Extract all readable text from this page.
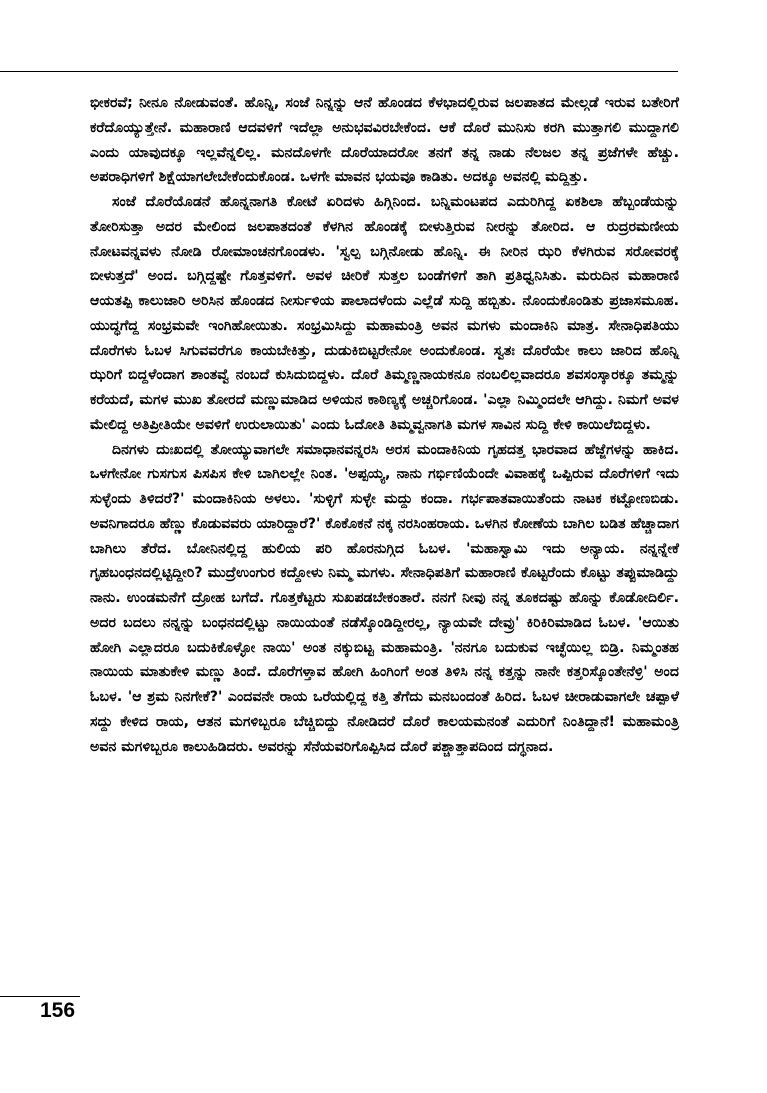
ಭೀಕರವೆ; ನೀನೂ ನೋಡುವಂತೆ. ಹೊನ್ನಿ, ಸಂಜೆ ನಿನ್ನನ್ನು ಆನೆ ಹೊಂಡದ ಕೆಳಭಾದಲ್ಲಿರುವ ಜಲಪಾತದ ಮೇಲ್ಗಡೆ ಇರುವ ಬತೇರಿಗೆ ಕರೆದೊಯ್ಯುತ್ತೇನೆ. ಮಹಾರಾಣಿ ಆದವಳಿಗೆ ಇದೆಲ್ಲಾ ಅನುಭವವಿರಬೇಕೆಂದ. ಆಕೆ ದೊರೆ ಮುನಿಸು ಕರಗಿ ಮುತ್ತಾಗಲಿ ಮುದ್ದಾಗಲಿ ಎಂದು ಯಾವುದಕ್ಕೂ ಇಲ್ಲವೆನ್ನಲಿಲ್ಲ. ಮನದೊಳಗೇ ದೊರೆಯಾದರೋ ತನಗೆ ತನ್ನ ನಾಡು ನೆಲಜಲ ತನ್ನ ಪ್ರಜೆಗಳೇ ಹೆಚ್ಚು. ಅಪರಾಧಿಗಳಿಗೆ ಶಿಕ್ಷೆಯಾಗಲೇಬೇಕೆಂದುಕೊಂಡ. ಒಳಗೇ ಮಾವನ ಭಯವೂ ಕಾಡಿತು. ಅದಕ್ಕೂ ಅವನಲ್ಲಿ ಮದ್ದಿತ್ತು.

ಸಂಜೆ ದೊರೆಯೊಡನೆ ಹೊನ್ನನಾಗತಿ ಕೋಟೆ ಏರಿದಳು ಹಿಗ್ಗಿನಿಂದ. ಬನ್ನಿಮಂಟಪದ ಎದುರಿಗಿದ್ದ ಏಕಶಿಲಾ ಹೆಬ್ಬಂಡೆಯನ್ನು ತೋರಿಸುತ್ತಾ ಅದರ ಮೇಲಿಂದ ಜಲಪಾತದಂತೆ ಕೆಳಗಿನ ಹೊಂಡಕ್ಕೆ ಬೀಳುತ್ತಿರುವ ನೀರನ್ನು ತೋರಿದ. ಆ ರುದ್ರರಮಣೀಯ ನೋಟವನ್ನವಳು ನೋಡಿ ರೋಮಾಂಚನಗೊಂಡಳು. 'ಸ್ವಲ್ಪ ಬಗ್ಗಿನೋಡು ಹೊನ್ನಿ. ಈ ನೀರಿನ ಝರಿ ಕೆಳಗಿರುವ ಸರೋವರಕ್ಕೆ ಬೀಳುತ್ತದೆ' ಅಂದ. ಬಗ್ಗಿದ್ದಷ್ಟೇ ಗೊತ್ತವಳಿಗೆ. ಅವಳ ಚೀರಿಕೆ ಸುತ್ತಲ ಬಂಡೆಗಳಿಗೆ ತಾಗಿ ಪ್ರತಿಧ್ವನಿಸಿತು. ಮರುದಿನ ಮಹಾರಾಣಿ ಆಯತಪ್ಪಿ ಕಾಲುಜಾರಿ ಅರಿಸಿನ ಹೊಂಡದ ನೀರ್ಸುಳಿಯ ಪಾಲಾದಳೆಂದು ಎಲ್ಲೆಡೆ ಸುದ್ದಿ ಹಬ್ಬಿತು. ನೊಂದುಕೊಂಡಿತು ಪ್ರಜಾಸಮೂಹ. ಯುದ್ಧಗೆದ್ದ ಸಂಭ್ರಮವೇ ಇಂಗಿಹೋಯಿತು. ಸಂಭ್ರಮಿಸಿದ್ದು ಮಹಾಮಂತ್ರಿ ಅವನ ಮಗಳು ಮಂದಾಕಿನಿ ಮಾತ್ರ. ಸೇನಾಧಿಪತಿಯು ದೊರೆಗಳು ಓಬಳ ಸಿಗುವವರೆಗೂ ಕಾಯಬೇಕಿತ್ತು, ದುಡುಕಿಬಿಟ್ಟರೇನೋ ಅಂದುಕೊಂಡ. ಸ್ವತಃ ದೊರೆಯೇ ಕಾಲು ಜಾರಿದ ಹೊನ್ನಿ ಝರಿಗೆ ಬಿದ್ದಳೆಂದಾಗ ಶಾಂತವ್ವೆ ನಂಬದೆ ಕುಸಿದುಬಿದ್ದಳು. ದೊರೆ ತಿಮ್ಮಣ್ಣನಾಯಕನೂ ನಂಬಲಿಲ್ಲವಾದರೂ ಶವಸಂಸ್ಕಾರಕ್ಕೂ ತಮ್ಮನ್ನು ಕರೆಯದೆ, ಮಗಳ ಮುಖ ತೋರದೆ ಮಣ್ಣುಮಾಡಿದ ಅಳಿಯನ ಕಾಠಿಣ್ಯಕ್ಕೆ ಅಚ್ಚರಿಗೊಂಡ. 'ಎಲ್ಲಾ ನಿಮ್ಮಿಂದಲೇ ಆಗಿದ್ದು. ನಿಮಗೆ ಅವಳ ಮೇಲಿದ್ದ ಅತಿಪ್ರೀತಿಯೇ ಅವಳಿಗೆ ಉರುಲಾಯಿತು' ಎಂದು ಓದೋತಿ ತಿಮ್ಮವ್ವನಾಗತಿ ಮಗಳ ಸಾವಿನ ಸುದ್ದಿ ಕೇಳಿ ಕಾಯಿಲೆಬಿದ್ದಳು.

ದಿನಗಳು ದುಃಖದಲ್ಲಿ ತೋಯ್ಯುವಾಗಲೇ ಸಮಾಧಾನವನ್ನರಸಿ ಅರಸ ಮಂದಾಕಿನಿಯ ಗೃಹದತ್ತ ಭಾರವಾದ ಹೆಜ್ಜೆಗಳನ್ನು ಹಾಕಿದ. ಒಳಗೇನೋ ಗುಸಗುಸ ಪಿಸಪಿಸ ಕೇಳಿ ಬಾಗಿಲಲ್ಲೇ ನಿಂತ. 'ಅಪ್ಪಯ್ಯ, ನಾನು ಗರ್ಭಿಣಿಯೆಂದೇ ವಿವಾಹಕ್ಕೆ ಒಪ್ಪಿರುವ ದೊರೆಗಳಿಗೆ ಇದು ಸುಳ್ಳೆಂದು ತಿಳಿದರೆ?' ಮಂದಾಕಿನಿಯ ಅಳಲು. 'ಸುಳ್ಳಿಗೆ ಸುಳ್ಳೇ ಮದ್ದು ಕಂದಾ. ಗರ್ಭಪಾತವಾಯಿತೆಂದು ನಾಟಕ ಕಟ್ಟೋಣಬಿಡು. ಅವನಿಗಾದರೂ ಹೆಣ್ಣು ಕೊಡುವವರು ಯಾರಿದ್ದಾರೆ?' ಕೊಕೊಕನೆ ನಕ್ಕ ನರಸಿಂಹರಾಯ. ಒಳಗಿನ ಕೋಣೆಯ ಬಾಗಿಲ ಬಡಿತ ಹೆಚ್ಚಾದಾಗ ಬಾಗಿಲು ತೆರೆದ. ಬೋನಿನಲ್ಲಿದ್ದ ಹುಲಿಯ ಪರಿ ಹೊರನುಗ್ಗಿದ ಓಬಳ. 'ಮಹಾಸ್ವಾಮಿ ಇದು ಅನ್ಯಾಯ. ನನ್ನನ್ನೇಕೆ ಗೃಹಬಂಧನದಲ್ಲಿಟ್ಟಿದ್ದೀರಿ? ಮುದ್ರೆಉಂಗುರ ಕದ್ದೋಳು ನಿಮ್ಮ ಮಗಳು. ಸೇನಾಧಿಪತಿಗೆ ಮಹಾರಾಣಿ ಕೊಟ್ಟರೆಂದು ಕೊಟ್ಟು ತಪ್ಪುಮಾಡಿದ್ದು ನಾನು. ಉಂಡಮನೆಗೆ ದ್ರೋಹ ಬಗೆದೆ. ಗೊತ್ತಕೆಟ್ಟರು ಸುಖಪಡಬೇಕಂತಾರೆ. ನನಗೆ ನೀವು ನನ್ನ ತೂಕದಷ್ಟು ಹೊನ್ನು ಕೊಡೋದಿರ್ಲಿ. ಅದರ ಬದಲು ನನ್ನನ್ನು ಬಂಧನದಲ್ಲಿಟ್ಟು ನಾಯಿಯಂತೆ ನಡೆಸ್ಕೊಂಡಿದ್ದೀರಲ್ಲ, ನ್ಯಾಯವೇ ದೇವ್ರು' ಕಿರಿಕಿರಿಮಾಡಿದ ಓಬಳ. 'ಆಯಿತು ಹೋಗಿ ಎಲ್ಲಾದರೂ ಬದುಕಿಕೊಳ್ಳೋ ನಾಯಿ' ಅಂತ ನಕ್ಕುಬಿಟ್ಟ ಮಹಾಮಂತ್ರಿ. 'ನನಗೂ ಬದುಕುವ ಇಚ್ಛೆಯಿಲ್ಲ ಬಿಡ್ರಿ. ನಿಮ್ಮಂತಹ ನಾಯಿಯ ಮಾತುಕೇಳಿ ಮಣ್ಣು ತಿಂದೆ. ದೊರೆಗಳ್ತಾವ ಹೋಗಿ ಹಿಂಗಿಂಗೆ ಅಂತ ತಿಳಿಸಿ ನನ್ನ ಕತ್ತನ್ನು ನಾನೇ ಕತ್ತರಿಸ್ಕೊಂತೇನೆಳ್ರಿ' ಅಂದ ಓಬಳ. 'ಆ ಶ್ರಮ ನಿನಗೇಕೆ?' ಎಂದವನೇ ರಾಯ ಒರೆಯಲ್ಲಿದ್ದ ಕತ್ತಿ ತೆಗೆದು ಮನಬಂದಂತೆ ಹಿರಿದ. ಓಬಳ ಚೀರಾಡುವಾಗಲೇ ಚಪ್ಪಾಳೆ ಸದ್ದು ಕೇಳಿದ ರಾಯ, ಆತನ ಮಗಳಿಬ್ಬರೂ ಬೆಚ್ಚಿಬಿದ್ದು ನೋಡಿದರೆ ದೊರೆ ಕಾಲಯಮನಂತೆ ಎದುರಿಗೆ ನಿಂತಿದ್ದಾನೆ! ಮಹಾಮಂತ್ರಿ ಅವನ ಮಗಳಿಬ್ಬರೂ ಕಾಲುಹಿಡಿದರು. ಅವರನ್ನು ಸೆನೆಯವರಿಗೊಪ್ಪಿಸಿದ ದೊರೆ ಪಶ್ಚಾತ್ತಾಪದಿಂದ ದಗ್ಧನಾದ.

156
